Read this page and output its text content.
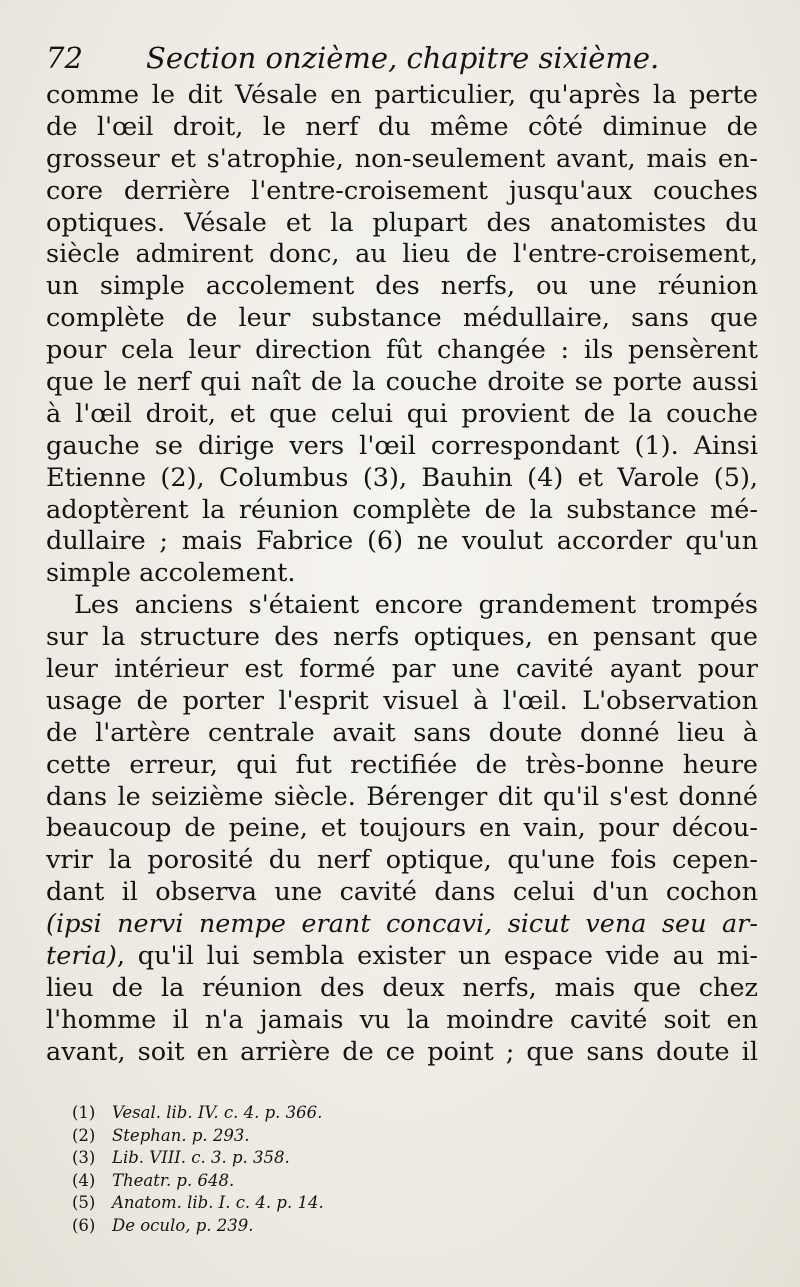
72 Section onzième, chapitre sixième.
comme le dit Vésale en particulier, qu'après la perte
de l'œil droit, le nerf du même côté diminue de
grosseur et s'atrophie, non-seulement avant, mais en-
core derrière l'entre-croisement jusqu'aux couches
optiques. Vésale et la plupart des anatomistes du
siècle admirent donc, au lieu de l'entre-croisement,
un simple accolement des nerfs, ou une réunion
complète de leur substance médullaire, sans que
pour cela leur direction fût changée : ils pensèrent
que le nerf qui naît de la couche droite se porte aussi
à l'œil droit, et que celui qui provient de la couche
gauche se dirige vers l'œil correspondant (1). Ainsi
Etienne (2), Columbus (3), Bauhin (4) et Varole (5),
adoptèrent la réunion complète de la substance mé-
dullaire ; mais Fabrice (6) ne voulut accorder qu'un
simple accolement.
Les anciens s'étaient encore grandement trompés
sur la structure des nerfs optiques, en pensant que
leur intérieur est formé par une cavité ayant pour
usage de porter l'esprit visuel à l'œil. L'observation
de l'artère centrale avait sans doute donné lieu à
cette erreur, qui fut rectifiée de très-bonne heure
dans le seizième siècle. Bérenger dit qu'il s'est donné
beaucoup de peine, et toujours en vain, pour décou-
vrir la porosité du nerf optique, qu'une fois cepen-
dant il observa une cavité dans celui d'un cochon
(ipsi nervi nempe erant concavi, sicut vena seu ar-
teria), qu'il lui sembla exister un espace vide au mi-
lieu de la réunion des deux nerfs, mais que chez
l'homme il n'a jamais vu la moindre cavité soit en
avant, soit en arrière de ce point ; que sans doute il
(1) Vesal. lib. IV. c. 4. p. 366.
(2) Stephan. p. 293.
(3) Lib. VIII. c. 3. p. 358.
(4) Theatr. p. 648.
(5) Anatom. lib. I. c. 4. p. 14.
(6) De oculo, p. 239.
